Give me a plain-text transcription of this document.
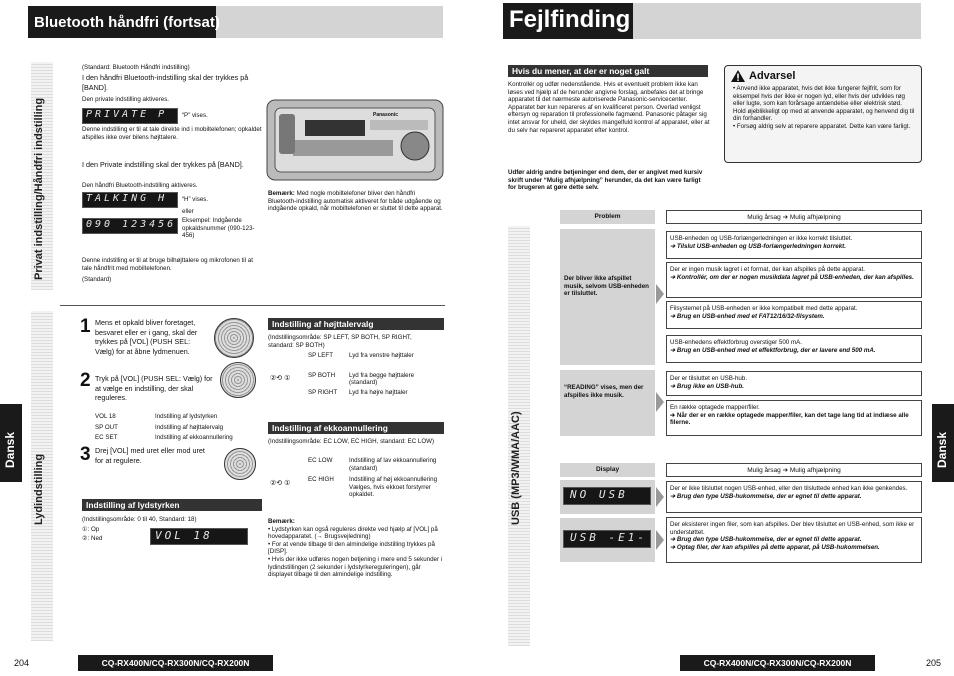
Bluetooth håndfri (fortsat)	Fejlfinding
Privat indstilling/Håndfri indstilling
Lydindstilling
Dansk
(Standard: Bluetooth Håndfri indstilling)
I den håndfri Bluetooth-indstilling skal der trykkes på [BAND].
Den private indstilling aktiveres.
PRIVATE P	“P” vises.
Denne indstilling er til at tale direkte ind i mobiltelefonen; opkaldet afspilles ikke over bilens højttalere.
I den Private indstilling skal der trykkes på [BAND].
Den håndfri Bluetooth-indstilling aktiveres.
TALKING H	“H” vises.
eller
090 123456 Eksempel: Indgående opkaldsnummer (090-123-456)
Denne indstilling er til at bruge bilhøjttalere og mikrofonen til at tale håndfrit med mobiltelefonen.
(Standard)
Panasonic
Bemærk: Med nogle mobiltelefoner bliver den håndfri Bluetooth-indstilling automatisk aktiveret for både udgående og indgående opkald, når mobiltelefonen er sluttet til dette apparat.
1 Mens et opkald bliver foretaget, besvaret eller er i gang, skal der trykkes på [VOL] (PUSH SEL: Vælg) for at åbne lydmenuen.
2 Tryk på [VOL] (PUSH SEL: Vælg) for at vælge en indstilling, der skal reguleres.
VOL 18	Indstilling af lydstyrken
SP OUT	Indstilling af højttalervalg
EC SET	Indstilling af ekkoannullering
3 Drej [VOL] med uret eller mod uret for at regulere.
Indstilling af lydstyrken
(Indstillingsområde: 0 til 40, Standard: 18)
①: Op
②: Ned	VOL 18
Indstilling af højttalervalg
(Indstillingsområde: SP LEFT, SP BOTH, SP RIGHT, standard: SP BOTH)
②⟲ ①
SP LEFT	Lyd fra venstre højttaler
SP BOTH	Lyd fra begge højttalere (standard)
SP RIGHT	Lyd fra højre højttaler
Indstilling af ekkoannullering
(Indstillingsområde: EC LOW, EC HIGH, standard: EC LOW)
②⟲ ①
EC LOW	Indstilling af lav ekkoannullering (standard)
EC HIGH	Indstilling af høj ekkoannullering Vælges, hvis ekkoet forstyrrer opkaldet.
Bemærk:
• Lydstyrken kan også reguleres direkte ved hjælp af [VOL] på hovedapparatet. (→ Brugsvejledning)
• For at vende tilbage til den almindelige indstilling trykkes på [DISP].
• Hvis der ikke udføres nogen betjening i mere end 5 sekunder i lydindstillingen (2 sekunder i lydstyrkereguleringen), går displayet tilbage til den almindelige indstilling.
204	CQ-RX400N/CQ-RX300N/CQ-RX200N
Hvis du mener, at der er noget galt
Kontrollér og udfør nedenstående. Hvis et eventuelt problem ikke kan løses ved hjælp af de herunder angivne forslag, anbefales det at bringe apparatet til det nærmeste autoriserede Panasonic-servicecenter. Apparatet bør kun repareres af en kvalificeret person. Overlad venligst eftersyn og reparation til professionelle fagmænd. Panasonic påtager sig intet ansvar for uheld, der skyldes mangelfuld kontrol af apparatet, eller at du selv har repareret apparatet efter kontrol.
Udfør aldrig andre betjeninger end dem, der er angivet med kursiv skrift under “Mulig afhjælpning” herunder, da det kan være farligt for brugeren at gøre dette selv.
Advarsel
• Anvend ikke apparatet, hvis det ikke fungerer fejlfrit, som for eksempel hvis der ikke er nogen lyd, eller hvis der udvikles røg eller lugte, som kan forårsage antændelse eller elektrisk stød. Hold øjeblikkeligt op med at anvende apparatet, og henvend dig til din forhandler.
• Forsøg aldrig selv at reparere apparatet. Dette kan være farligt.
USB (MP3/WMA/AAC)
Problem	Mulig årsag ➔ Mulig afhjælpning
Der bliver ikke afspillet musik, selvom USB-enheden er tilsluttet.
USB-enheden og USB-forlængerledningen er ikke korrekt tilsluttet.
➔ Tilslut USB-enheden og USB-forlængerledningen korrekt.
Der er ingen musik lagret i et format, der kan afspilles på dette apparat.
➔ Kontrollér, om der er nogen musikdata lagret på USB-enheden, der kan afspilles.
Filsystemet på USB-enheden er ikke kompatibelt med dette apparat.
➔ Brug en USB-enhed med et FAT12/16/32-filsystem.
USB-enhedens effektforbrug overstiger 500 mA.
➔ Brug en USB-enhed med et effektforbrug, der er lavere end 500 mA.
“READING” vises, men der afspilles ikke musik.
Der er tilsluttet en USB-hub.
➔ Brug ikke en USB-hub.
En række optagede mapper/filer.
➔ Når der er en række optagede mapper/filer, kan det tage lang tid at indlæse alle filerne.
Display	Mulig årsag ➔ Mulig afhjælpning
NO USB	Der er ikke tilsluttet nogen USB-enhed, eller den tilsluttede enhed kan ikke genkendes.
➔ Brug den type USB-hukommelse, der er egnet til dette apparat.
USB -E1-
Der eksisterer ingen filer, som kan afspilles. Der blev tilsluttet en USB-enhed, som ikke er understøttet.
➔ Brug den type USB-hukommelse, der er egnet til dette apparat.
➔ Optag filer, der kan afspilles på dette apparat, på USB-hukommelsen.
Dansk
CQ-RX400N/CQ-RX300N/CQ-RX200N	205
